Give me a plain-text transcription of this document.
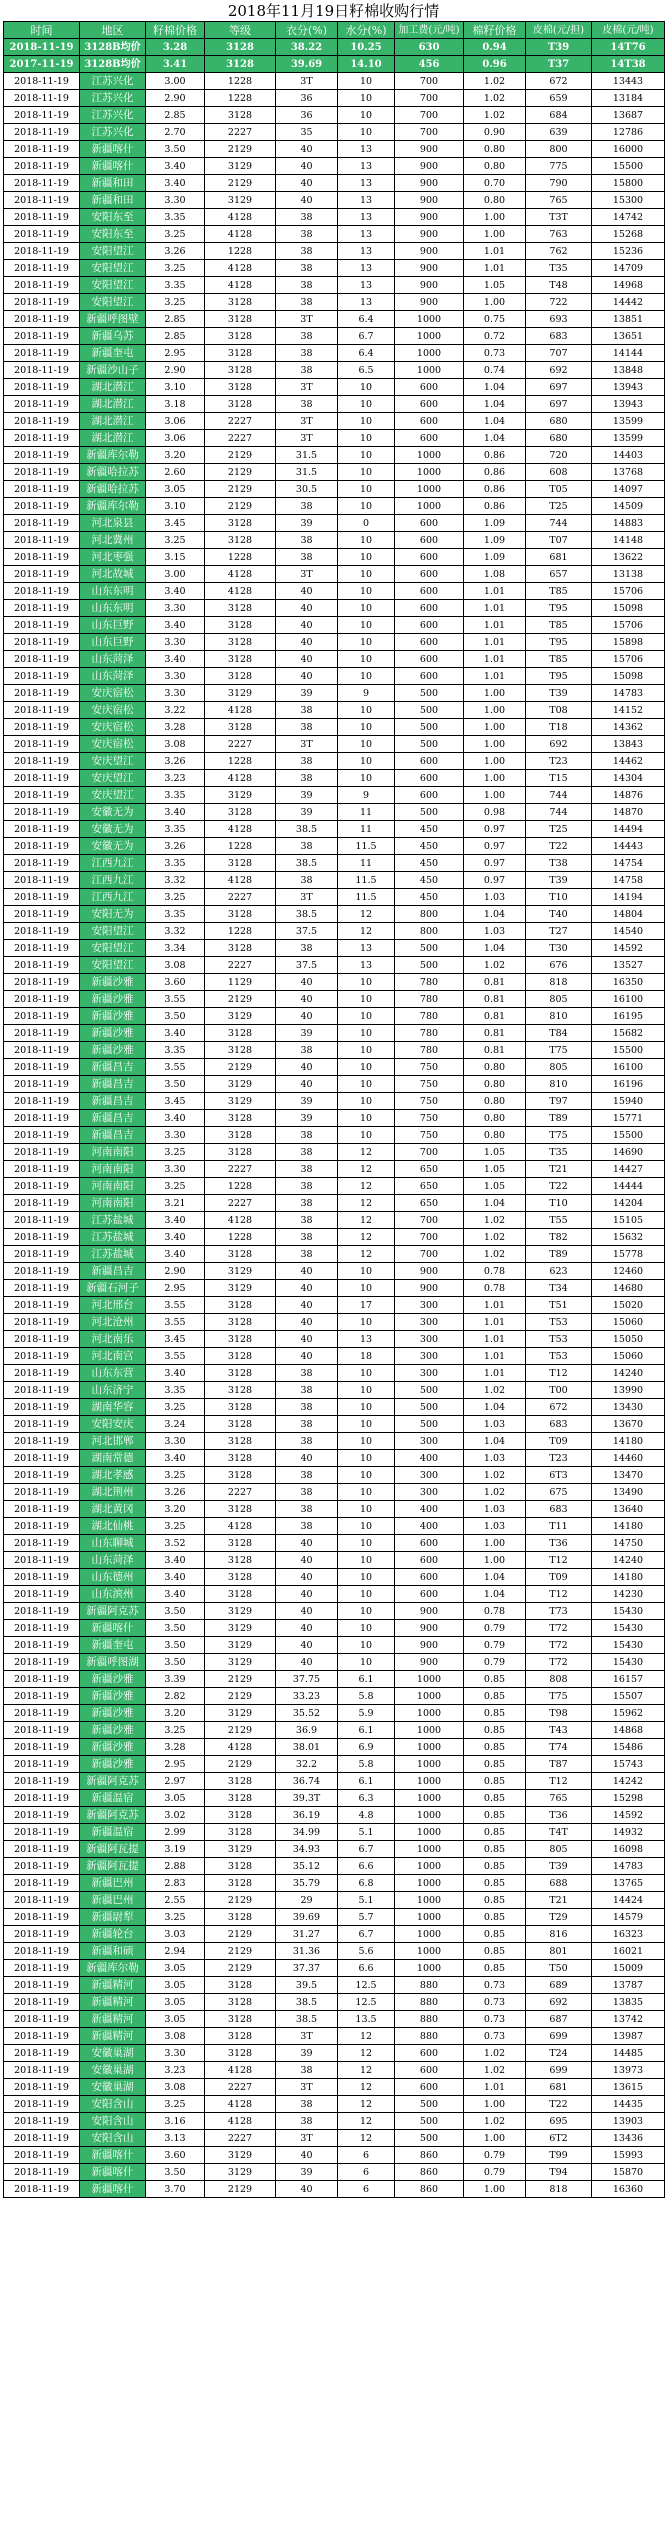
2018年11月19日籽棉收购行情
时间	地区	籽棉价格	等级	衣分(%)	水分(%)	加工费(元/吨)	棉籽价格	皮棉(元/担)	皮棉(元/吨)
2018-11-19	3128B均价	3.28	3128	38.22	10.25	630	0.94	T39	14T76
2017-11-19	3128B均价	3.41	3128	39.69	14.10	456	0.96	T37	14T38
2018-11-19	江苏兴化	3.00	1228	3T	10	700	1.02	672	13443
2018-11-19	江苏兴化	2.90	1228	36	10	700	1.02	659	13184
2018-11-19	江苏兴化	2.85	3128	36	10	700	1.02	684	13687
2018-11-19	江苏兴化	2.70	2227	35	10	700	0.90	639	12786
2018-11-19	新疆喀什	3.50	2129	40	13	900	0.80	800	16000
2018-11-19	新疆喀什	3.40	3129	40	13	900	0.80	775	15500
2018-11-19	新疆和田	3.40	2129	40	13	900	0.70	790	15800
2018-11-19	新疆和田	3.30	3129	40	13	900	0.80	765	15300
2018-11-19	安阳东至	3.35	4128	38	13	900	1.00	T3T	14742
2018-11-19	安阳东至	3.25	4128	38	13	900	1.00	763	15268
2018-11-19	安阳望江	3.26	1228	38	13	900	1.01	762	15236
2018-11-19	安阳望江	3.25	4128	38	13	900	1.01	T35	14709
2018-11-19	安阳望江	3.35	4128	38	13	900	1.05	T48	14968
2018-11-19	安阳望江	3.25	3128	38	13	900	1.00	722	14442
2018-11-19	新疆呼图壁	2.85	3128	3T	6.4	1000	0.75	693	13851
2018-11-19	新疆乌苏	2.85	3128	38	6.7	1000	0.72	683	13651
2018-11-19	新疆奎屯	2.95	3128	38	6.4	1000	0.73	707	14144
2018-11-19	新疆沙山子	2.90	3128	38	6.5	1000	0.74	692	13848
2018-11-19	湖北潜江	3.10	3128	3T	10	600	1.04	697	13943
2018-11-19	湖北潜江	3.18	3128	38	10	600	1.04	697	13943
2018-11-19	湖北潜江	3.06	2227	3T	10	600	1.04	680	13599
2018-11-19	湖北潜江	3.06	2227	3T	10	600	1.04	680	13599
2018-11-19	新疆库尔勒	3.20	2129	31.5	10	1000	0.86	720	14403
2018-11-19	新疆哈拉苏	2.60	2129	31.5	10	1000	0.86	608	13768
2018-11-19	新疆哈拉苏	3.05	2129	30.5	10	1000	0.86	T05	14097
2018-11-19	新疆库尔勒	3.10	2129	38	10	1000	0.86	T25	14509
2018-11-19	河北泉县	3.45	3128	39	0	600	1.09	744	14883
2018-11-19	河北冀州	3.25	3128	38	10	600	1.09	T07	14148
2018-11-19	河北枣强	3.15	1228	38	10	600	1.09	681	13622
2018-11-19	河北故城	3.00	4128	3T	10	600	1.08	657	13138
2018-11-19	山东东明	3.40	4128	40	10	600	1.01	T85	15706
2018-11-19	山东东明	3.30	3128	40	10	600	1.01	T95	15098
2018-11-19	山东巨野	3.40	3128	40	10	600	1.01	T85	15706
2018-11-19	山东巨野	3.30	3128	40	10	600	1.01	T95	15898
2018-11-19	山东菏泽	3.40	3128	40	10	600	1.01	T85	15706
2018-11-19	山东菏泽	3.30	3128	40	10	600	1.01	T95	15098
2018-11-19	安庆宿松	3.30	3129	39	9	500	1.00	T39	14783
2018-11-19	安庆宿松	3.22	4128	38	10	500	1.00	T08	14152
2018-11-19	安庆宿松	3.28	3128	38	10	500	1.00	T18	14362
2018-11-19	安庆宿松	3.08	2227	3T	10	500	1.00	692	13843
2018-11-19	安庆望江	3.26	1228	38	10	600	1.00	T23	14462
2018-11-19	安庆望江	3.23	4128	38	10	600	1.00	T15	14304
2018-11-19	安庆望江	3.35	3129	39	9	600	1.00	744	14876
2018-11-19	安徽无为	3.40	3128	39	11	500	0.98	744	14870
2018-11-19	安徽无为	3.35	4128	38.5	11	450	0.97	T25	14494
2018-11-19	安徽无为	3.26	1228	38	11.5	450	0.97	T22	14443
2018-11-19	江西九江	3.35	3128	38.5	11	450	0.97	T38	14754
2018-11-19	江西九江	3.32	4128	38	11.5	450	0.97	T39	14758
2018-11-19	江西九江	3.25	2227	3T	11.5	450	1.03	T10	14194
2018-11-19	安阳无为	3.35	3128	38.5	12	800	1.04	T40	14804
2018-11-19	安阳望江	3.32	1228	37.5	12	800	1.03	T27	14540
2018-11-19	安阳望江	3.34	3128	38	13	500	1.04	T30	14592
2018-11-19	安阳望江	3.08	2227	37.5	13	500	1.02	676	13527
2018-11-19	新疆沙雅	3.60	1129	40	10	780	0.81	818	16350
2018-11-19	新疆沙雅	3.55	2129	40	10	780	0.81	805	16100
2018-11-19	新疆沙雅	3.50	3129	40	10	780	0.81	810	16195
2018-11-19	新疆沙雅	3.40	3128	39	10	780	0.81	T84	15682
2018-11-19	新疆沙雅	3.35	3128	38	10	780	0.81	T75	15500
2018-11-19	新疆昌吉	3.55	2129	40	10	750	0.80	805	16100
2018-11-19	新疆昌吉	3.50	3129	40	10	750	0.80	810	16196
2018-11-19	新疆昌吉	3.45	3129	39	10	750	0.80	T97	15940
2018-11-19	新疆昌吉	3.40	3128	39	10	750	0.80	T89	15771
2018-11-19	新疆昌吉	3.30	3128	38	10	750	0.80	T75	15500
2018-11-19	河南南阳	3.25	3128	38	12	700	1.05	T35	14690
2018-11-19	河南南阳	3.30	2227	38	12	650	1.05	T21	14427
2018-11-19	河南南阳	3.25	1228	38	12	650	1.05	T22	14444
2018-11-19	河南南阳	3.21	2227	38	12	650	1.04	T10	14204
2018-11-19	江苏盐城	3.40	4128	38	12	700	1.02	T55	15105
2018-11-19	江苏盐城	3.40	1228	38	12	700	1.02	T82	15632
2018-11-19	江苏盐城	3.40	3128	38	12	700	1.02	T89	15778
2018-11-19	新疆昌吉	2.90	3129	40	10	900	0.78	623	12460
2018-11-19	新疆石河子	2.95	3129	40	10	900	0.78	T34	14680
2018-11-19	河北邢台	3.55	3128	40	17	300	1.01	T51	15020
2018-11-19	河北沧州	3.55	3128	40	10	300	1.01	T53	15060
2018-11-19	河北南乐	3.45	3128	40	13	300	1.01	T53	15050
2018-11-19	河北南宫	3.55	3128	40	18	300	1.01	T53	15060
2018-11-19	山东东营	3.40	3128	38	10	300	1.01	T12	14240
2018-11-19	山东济宁	3.35	3128	38	10	500	1.02	T00	13990
2018-11-19	湖南华容	3.25	3128	38	10	500	1.04	672	13430
2018-11-19	安阳安庆	3.24	3128	38	10	500	1.03	683	13670
2018-11-19	河北邯郸	3.30	3128	38	10	300	1.04	T09	14180
2018-11-19	湖南常德	3.40	3128	40	10	400	1.03	T23	14460
2018-11-19	湖北孝感	3.25	3128	38	10	300	1.02	6T3	13470
2018-11-19	湖北荆州	3.26	2227	38	10	300	1.02	675	13490
2018-11-19	湖北黄冈	3.20	3128	38	10	400	1.03	683	13640
2018-11-19	湖北仙桃	3.25	4128	38	10	400	1.03	T11	14180
2018-11-19	山东聊城	3.52	3128	40	10	600	1.00	T36	14750
2018-11-19	山东菏泽	3.40	3128	40	10	600	1.00	T12	14240
2018-11-19	山东德州	3.40	3128	40	10	600	1.04	T09	14180
2018-11-19	山东滨州	3.40	3128	40	10	600	1.04	T12	14230
2018-11-19	新疆阿克苏	3.50	3129	40	10	900	0.78	T73	15430
2018-11-19	新疆喀什	3.50	3129	40	10	900	0.79	T72	15430
2018-11-19	新疆奎屯	3.50	3129	40	10	900	0.79	T72	15430
2018-11-19	新疆呼图湖	3.50	3129	40	10	900	0.79	T72	15430
2018-11-19	新疆沙雅	3.39	2129	37.75	6.1	1000	0.85	808	16157
2018-11-19	新疆沙雅	2.82	2129	33.23	5.8	1000	0.85	T75	15507
2018-11-19	新疆沙雅	3.20	3129	35.52	5.9	1000	0.85	T98	15962
2018-11-19	新疆沙雅	3.25	2129	36.9	6.1	1000	0.85	T43	14868
2018-11-19	新疆沙雅	3.28	4128	38.01	6.9	1000	0.85	T74	15486
2018-11-19	新疆沙雅	2.95	2129	32.2	5.8	1000	0.85	T87	15743
2018-11-19	新疆阿克苏	2.97	3128	36.74	6.1	1000	0.85	T12	14242
2018-11-19	新疆温宿	3.05	3128	39.3T	6.3	1000	0.85	765	15298
2018-11-19	新疆阿克苏	3.02	3128	36.19	4.8	1000	0.85	T36	14592
2018-11-19	新疆温宿	2.99	3128	34.99	5.1	1000	0.85	T4T	14932
2018-11-19	新疆阿瓦提	3.19	3129	34.93	6.7	1000	0.85	805	16098
2018-11-19	新疆阿瓦提	2.88	3128	35.12	6.6	1000	0.85	T39	14783
2018-11-19	新疆巴州	2.83	3128	35.79	6.8	1000	0.85	688	13765
2018-11-19	新疆巴州	2.55	2129	29	5.1	1000	0.85	T21	14424
2018-11-19	新疆尉犁	3.25	3128	39.69	5.7	1000	0.85	T29	14579
2018-11-19	新疆轮台	3.03	2129	31.27	6.7	1000	0.85	816	16323
2018-11-19	新疆和硕	2.94	2129	31.36	5.6	1000	0.85	801	16021
2018-11-19	新疆库尔勒	3.05	2129	37.37	6.6	1000	0.85	T50	15009
2018-11-19	新疆精河	3.05	3128	39.5	12.5	880	0.73	689	13787
2018-11-19	新疆精河	3.05	3128	38.5	12.5	880	0.73	692	13835
2018-11-19	新疆精河	3.05	3128	38.5	13.5	880	0.73	687	13742
2018-11-19	新疆精河	3.08	3128	3T	12	880	0.73	699	13987
2018-11-19	安徽巢湖	3.30	3128	39	12	600	1.02	T24	14485
2018-11-19	安徽巢湖	3.23	4128	38	12	600	1.02	699	13973
2018-11-19	安徽巢湖	3.08	2227	3T	12	600	1.01	681	13615
2018-11-19	安阳含山	3.25	4128	38	12	500	1.00	T22	14435
2018-11-19	安阳含山	3.16	4128	38	12	500	1.02	695	13903
2018-11-19	安阳含山	3.13	2227	3T	12	500	1.00	6T2	13436
2018-11-19	新疆喀什	3.60	3129	40	6	860	0.79	T99	15993
2018-11-19	新疆喀什	3.50	3129	39	6	860	0.79	T94	15870
2018-11-19	新疆喀什	3.70	2129	40	6	860	1.00	818	16360
